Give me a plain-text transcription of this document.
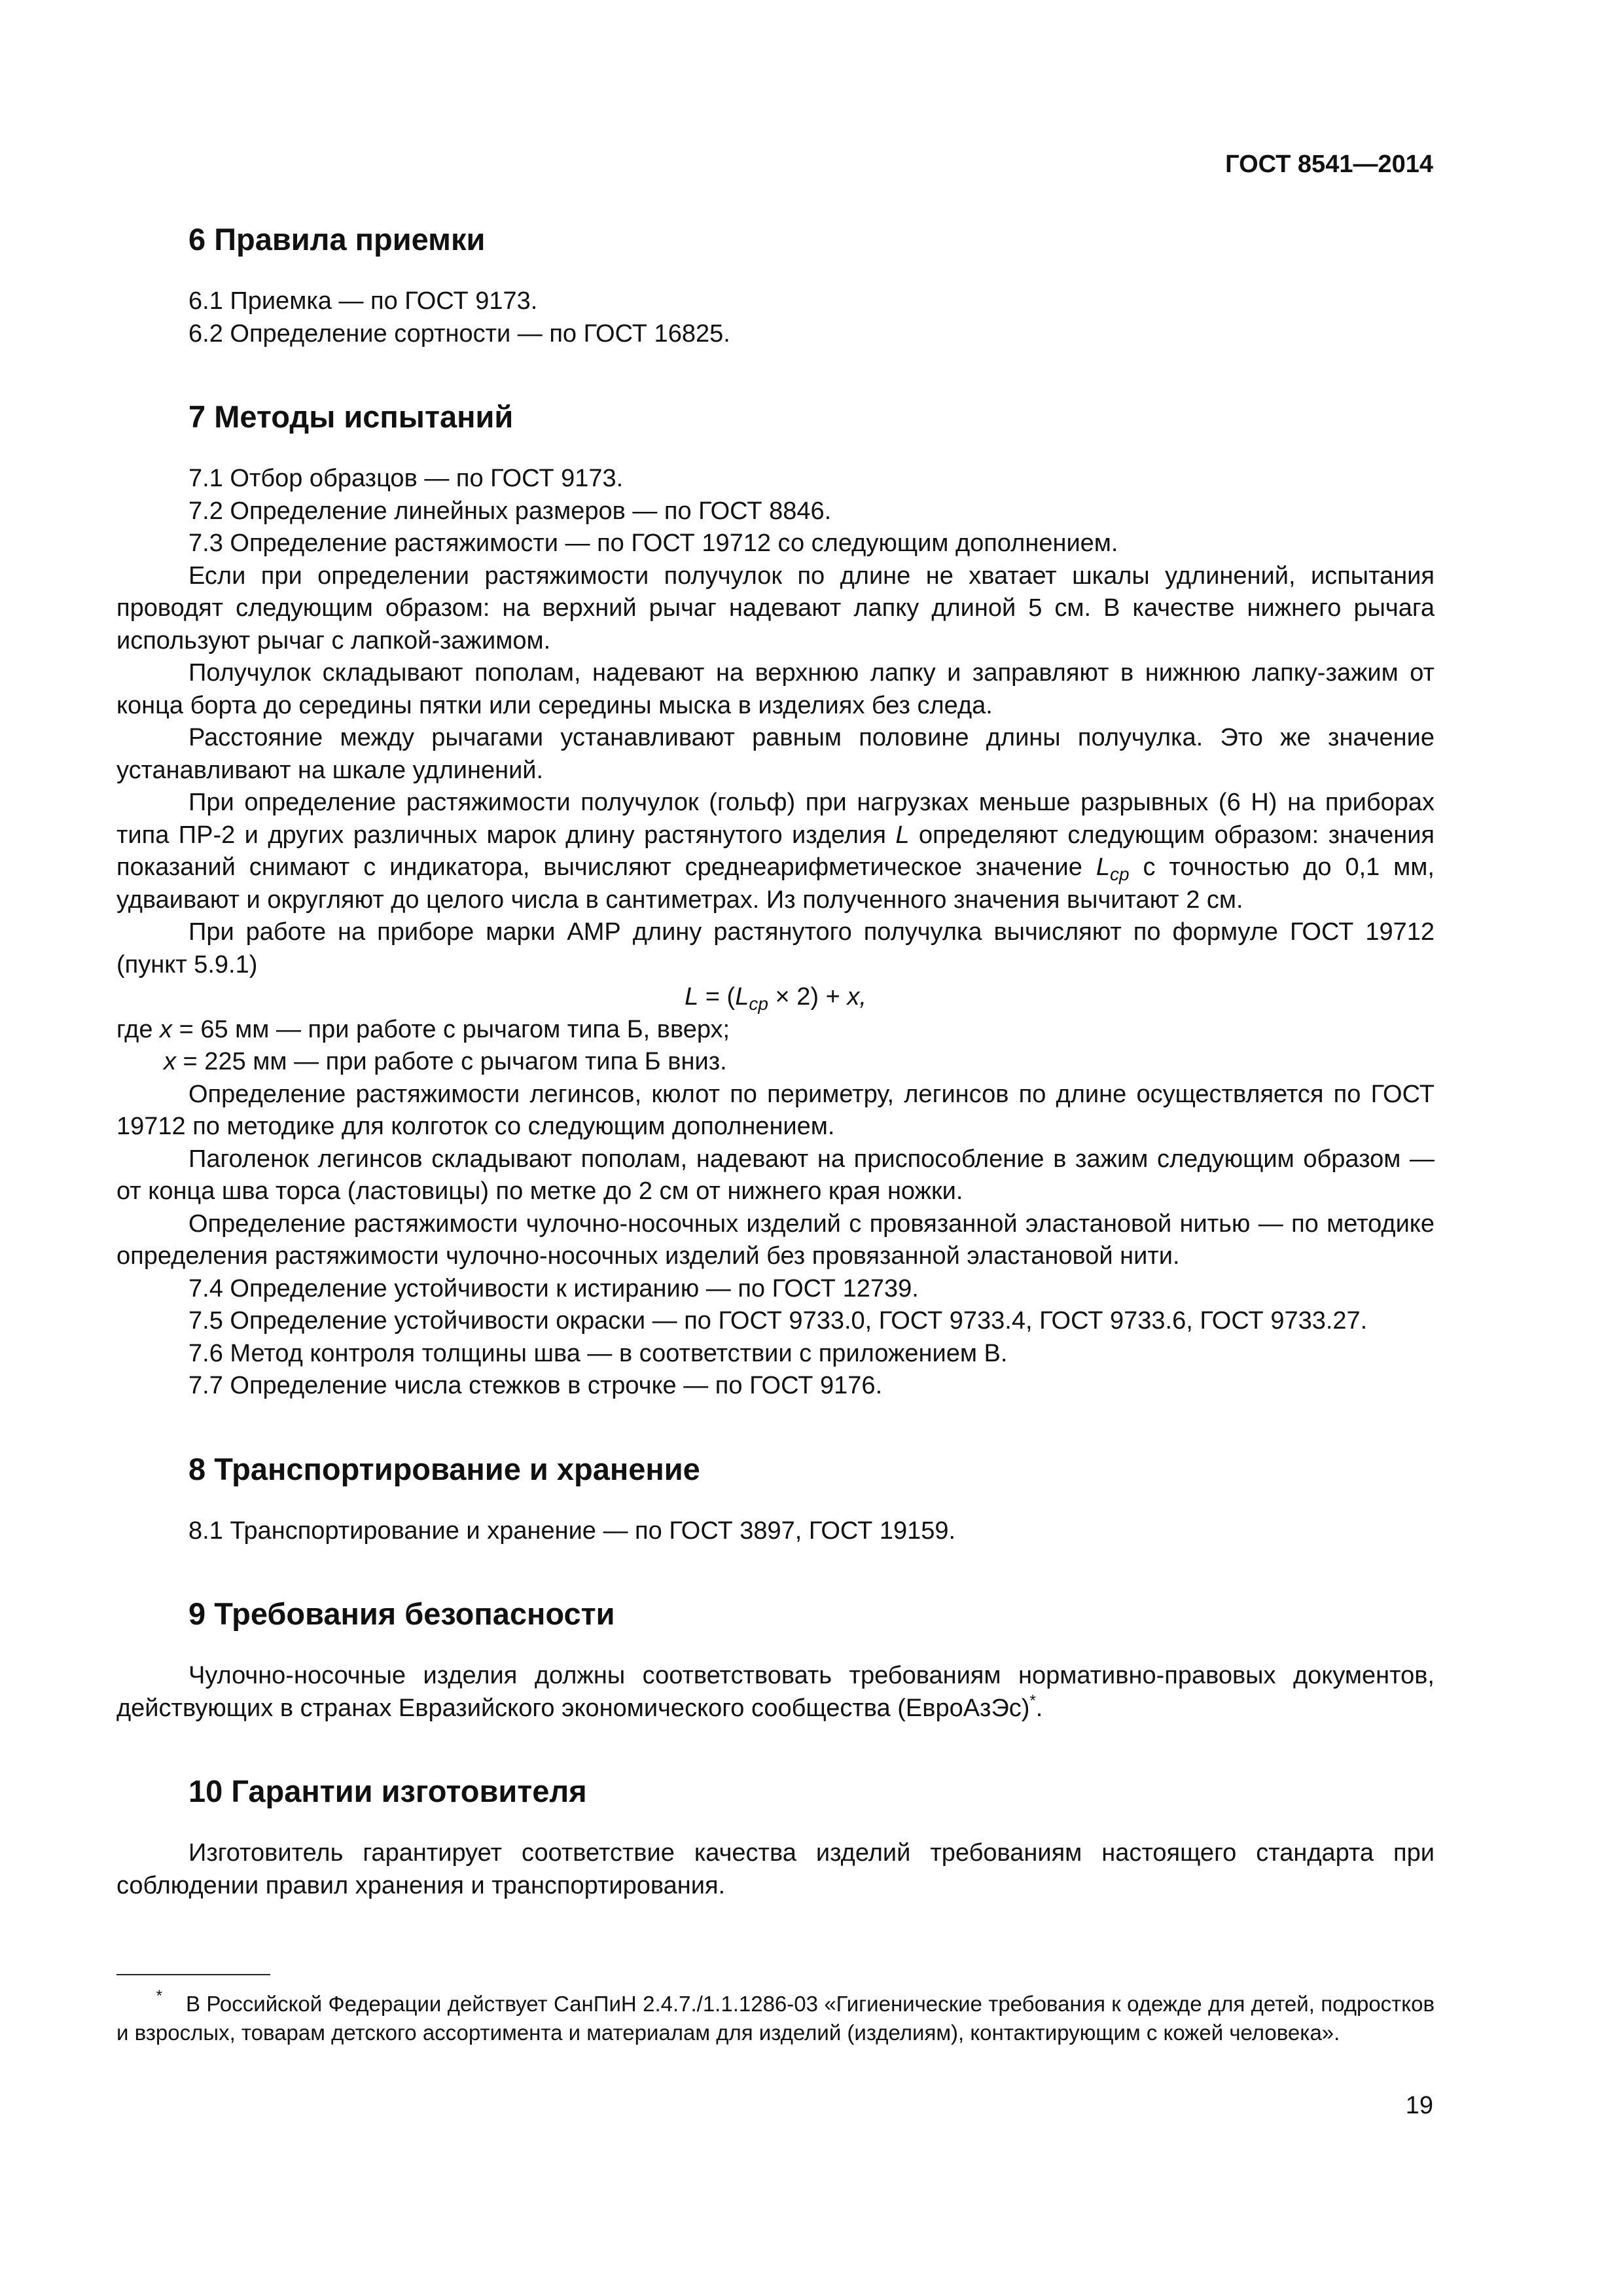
ГОСТ 8541—2014
6 Правила приемки

6.1 Приемка — по ГОСТ 9173.

6.2 Определение сортности — по ГОСТ 16825.

7 Методы испытаний

7.1 Отбор образцов — по ГОСТ 9173.

7.2 Определение линейных размеров — по ГОСТ 8846.

7.3 Определение растяжимости — по ГОСТ 19712 со следующим дополнением.

Если при определении растяжимости получулок по длине не хватает шкалы удлинений, испытания проводят следующим образом: на верхний рычаг надевают лапку длиной 5 см. В качестве нижнего рычага используют рычаг с лапкой-зажимом.

Получулок складывают пополам, надевают на верхнюю лапку и заправляют в нижнюю лапку-зажим от конца борта до середины пятки или середины мыска в изделиях без следа.

Расстояние между рычагами устанавливают равным половине длины получулка. Это же значение устанавливают на шкале удлинений.

При определение растяжимости получулок (гольф) при нагрузках меньше разрывных (6 Н) на приборах типа ПР-2 и других различных марок длину растянутого изделия L определяют следующим образом: значения показаний снимают с индикатора, вычисляют среднеарифметическое значение $L_{ср}$ с точностью до 0,1 мм, удваивают и округляют до целого числа в сантиметрах. Из полученного значения вычитают 2 см.

При работе на приборе марки АМР длину растянутого получулка вычисляют по формуле ГОСТ 19712 (пункт 5.9.1)

$L = (L_{ср} \times 2) + x$,

где x = 65 мм — при работе с рычагом типа Б, вверх;

x = 225 мм — при работе с рычагом типа Б вниз.

Определение растяжимости легинсов, кюлот по периметру, легинсов по длине осуществляется по ГОСТ 19712 по методике для колготок со следующим дополнением.

Паголенок легинсов складывают пополам, надевают на приспособление в зажим следующим образом — от конца шва торса (ластовицы) по метке до 2 см от нижнего края ножки.

Определение растяжимости чулочно-носочных изделий с провязанной эластановой нитью — по методике определения растяжимости чулочно-носочных изделий без провязанной эластановой нити.

7.4 Определение устойчивости к истиранию — по ГОСТ 12739.

7.5 Определение устойчивости окраски — по ГОСТ 9733.0, ГОСТ 9733.4, ГОСТ 9733.6, ГОСТ 9733.27.

7.6 Метод контроля толщины шва — в соответствии с приложением В.

7.7 Определение числа стежков в строчке — по ГОСТ 9176.

8 Транспортирование и хранение

8.1 Транспортирование и хранение — по ГОСТ 3897, ГОСТ 19159.

9 Требования безопасности

Чулочно-носочные изделия должны соответствовать требованиям нормативно-правовых документов, действующих в странах Евразийского экономического сообщества (ЕвроАзЭс)*.

10 Гарантии изготовителя

Изготовитель гарантирует соответствие качества изделий требованиям настоящего стандарта при соблюдении правил хранения и транспортирования.

* В Российской Федерации действует СанПиН 2.4.7./1.1.1286-03 «Гигиенические требования к одежде для детей, подростков и взрослых, товарам детского ассортимента и материалам для изделий (изделиям), контактирующим с кожей человека».
19
